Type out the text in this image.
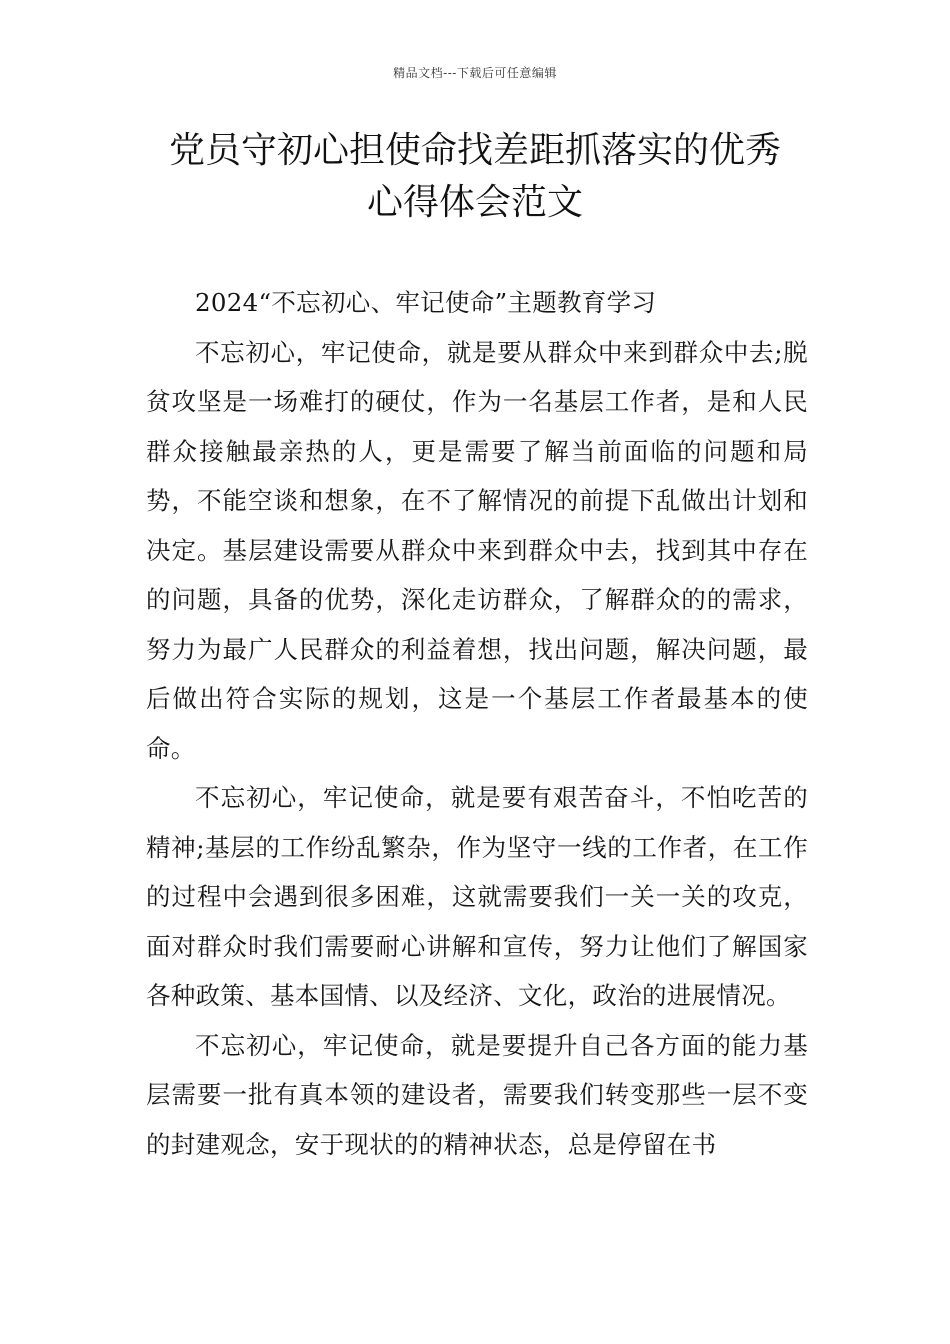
精品文档---下载后可任意编辑
党员守初心担使命找差距抓落实的优秀
心得体会范文

2024“不忘初心、牢记使命”主题教育学习

不忘初心，牢记使命，就是要从群众中来到群众中去;脱贫攻坚是一场难打的硬仗，作为一名基层工作者，是和人民群众接触最亲热的人，更是需要了解当前面临的问题和局势，不能空谈和想象，在不了解情况的前提下乱做出计划和决定。基层建设需要从群众中来到群众中去，找到其中存在的问题，具备的优势，深化走访群众，了解群众的的需求，努力为最广人民群众的利益着想，找出问题，解决问题，最后做出符合实际的规划，这是一个基层工作者最基本的使命。

不忘初心，牢记使命，就是要有艰苦奋斗，不怕吃苦的精神;基层的工作纷乱繁杂，作为坚守一线的工作者，在工作的过程中会遇到很多困难，这就需要我们一关一关的攻克，面对群众时我们需要耐心讲解和宣传，努力让他们了解国家各种政策、基本国情、以及经济、文化，政治的进展情况。

不忘初心，牢记使命，就是要提升自己各方面的能力基层需要一批有真本领的建设者，需要我们转变那些一层不变的封建观念，安于现状的的精神状态，总是停留在书
